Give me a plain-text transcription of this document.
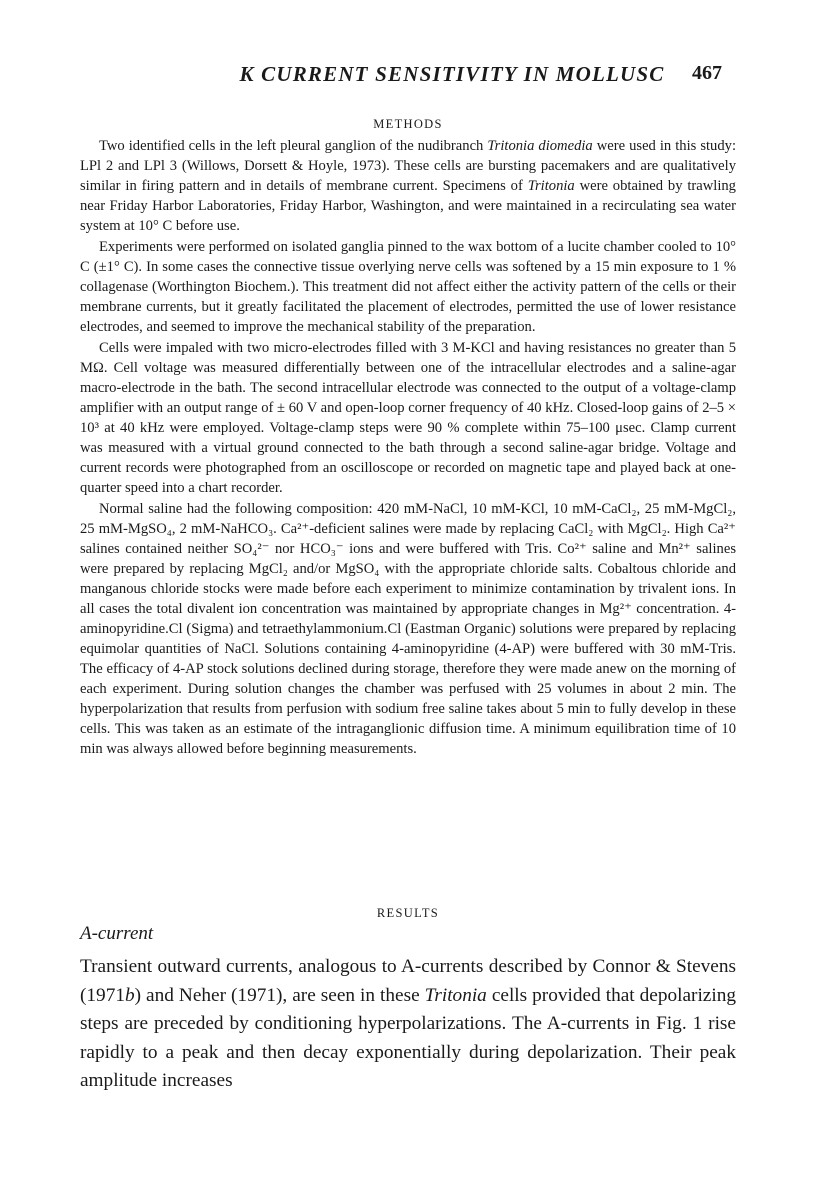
K CURRENT SENSITIVITY IN MOLLUSC	467
METHODS

Two identified cells in the left pleural ganglion of the nudibranch Tritonia diomedia were used in this study: LPl 2 and LPl 3 (Willows, Dorsett & Hoyle, 1973). These cells are bursting pacemakers and are qualitatively similar in firing pattern and in details of membrane current. Specimens of Tritonia were obtained by trawling near Friday Harbor Laboratories, Friday Harbor, Washington, and were maintained in a recirculating sea water system at 10° C before use.

Experiments were performed on isolated ganglia pinned to the wax bottom of a lucite chamber cooled to 10° C (±1° C). In some cases the connective tissue overlying nerve cells was softened by a 15 min exposure to 1 % collagenase (Worthington Biochem.). This treatment did not affect either the activity pattern of the cells or their membrane currents, but it greatly facilitated the placement of electrodes, permitted the use of lower resistance electrodes, and seemed to improve the mechanical stability of the preparation.

Cells were impaled with two micro-electrodes filled with 3 M-KCl and having resistances no greater than 5 MΩ. Cell voltage was measured differentially between one of the intracellular electrodes and a saline-agar macro-electrode in the bath. The second intracellular electrode was connected to the output of a voltage-clamp amplifier with an output range of ± 60 V and open-loop corner frequency of 40 kHz. Closed-loop gains of 2–5 × 10³ at 40 kHz were employed. Voltage-clamp steps were 90 % complete within 75–100 μsec. Clamp current was measured with a virtual ground connected to the bath through a second saline-agar bridge. Voltage and current records were photographed from an oscilloscope or recorded on magnetic tape and played back at one-quarter speed into a chart recorder.

Normal saline had the following composition: 420 mM-NaCl, 10 mM-KCl, 10 mM-CaCl₂, 25 mM-MgCl₂, 25 mM-MgSO₄, 2 mM-NaHCO₃. Ca²⁺-deficient salines were made by replacing CaCl₂ with MgCl₂. High Ca²⁺ salines contained neither SO₄²⁻ nor HCO₃⁻ ions and were buffered with Tris. Co²⁺ saline and Mn²⁺ salines were prepared by replacing MgCl₂ and/or MgSO₄ with the appropriate chloride salts. Cobaltous chloride and manganous chloride stocks were made before each experiment to minimize contamination by trivalent ions. In all cases the total divalent ion concentration was maintained by appropriate changes in Mg²⁺ concentration. 4-aminopyridine.Cl (Sigma) and tetraethylammonium.Cl (Eastman Organic) solutions were prepared by replacing equimolar quantities of NaCl. Solutions containing 4-aminopyridine (4-AP) were buffered with 30 mM-Tris. The efficacy of 4-AP stock solutions declined during storage, therefore they were made anew on the morning of each experiment. During solution changes the chamber was perfused with 25 volumes in about 2 min. The hyperpolarization that results from perfusion with sodium free saline takes about 5 min to fully develop in these cells. This was taken as an estimate of the intraganglionic diffusion time. A minimum equilibration time of 10 min was always allowed before beginning measurements.

RESULTS
A-current

Transient outward currents, analogous to A-currents described by Connor & Stevens (1971b) and Neher (1971), are seen in these Tritonia cells provided that depolarizing steps are preceded by conditioning hyperpolarizations. The A-currents in Fig. 1 rise rapidly to a peak and then decay exponentially during depolarization. Their peak amplitude increases
